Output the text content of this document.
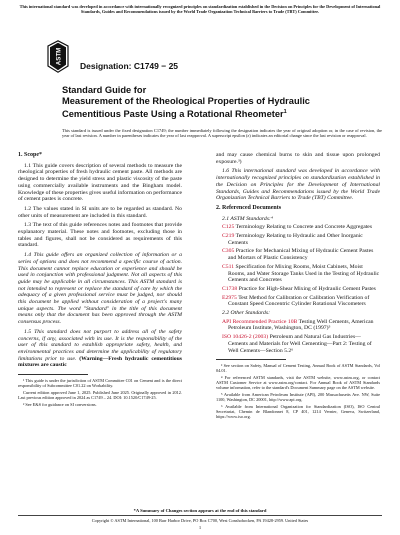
This international standard was developed in accordance with internationally recognized principles on standardization established in the Decision on Principles for the Development of International Standards, Guides and Recommendations issued by the World Trade Organization Technical Barriers to Trade (TBT) Committee.
ASTM
Designation: C1749 − 25
Standard Guide for
Measurement of the Rheological Properties of Hydraulic
Cementitious Paste Using a Rotational Rheometer$^1$
This standard is issued under the fixed designation C1749; the number immediately following the designation indicates the year of original adoption or, in the case of revision, the year of last revision. A number in parentheses indicates the year of last reapproval. A superscript epsilon (ε) indicates an editorial change since the last revision or reapproval.
1. Scope*

1.1 This guide covers description of several methods to measure the rheological properties of fresh hydraulic cement paste. All methods are designed to determine the yield stress and plastic viscosity of the paste using commercially available instruments and the Bingham model. Knowledge of these properties gives useful information on performance of cement pastes is concrete.

1.2 The values stated in SI units are to be regarded as standard. No other units of measurement are included in this standard.

1.3 The text of this guide references notes and footnotes that provide explanatory material. These notes and footnotes, excluding those in tables and figures, shall not be considered as requirements of this standard.

1.4 This guide offers an organized collection of information or a series of options and does not recommend a specific course of action. This document cannot replace education or experience and should be used in conjunction with professional judgment. Not all aspects of this guide may be applicable in all circumstances. This ASTM standard is not intended to represent or replace the standard of care by which the adequacy of a given professional service must be judged, nor should this document be applied without consideration of a project's many unique aspects. The word "Standard" in the title of this document means only that the document has been approved through the ASTM consensus process.

1.5 This standard does not purport to address all of the safety concerns, if any, associated with its use. It is the responsibility of the user of this standard to establish appropriate safety, health, and environmental practices and determine the applicability of regulatory limitations prior to use. (Warning—Fresh hydraulic cementitious mixtures are caustic

¹ This guide is under the jurisdiction of ASTM Committee C01 on Cement and is the direct responsibility of Subcommittee C01.22 on Workability.
Current edition approved June 1, 2025. Published June 2025. Originally approved in 2012. Last previous edition approved in 2024 as C1749 – 24. DOI: 10.1520/C1749-25.
² See E&S for guidance on SI conversions.

and may cause chemical burns to skin and tissue upon prolonged exposure.³)

1.6 This international standard was developed in accordance with internationally recognized principles on standardization established in the Decision on Principles for the Development of International Standards, Guides and Recommendations issued by the World Trade Organization Technical Barriers to Trade (TBT) Committee.

2. Referenced Documents
2.1 ASTM Standards:⁴
C125 Terminology Relating to Concrete and Concrete Aggregates
C219 Terminology Relating to Hydraulic and Other Inorganic Cements
C305 Practice for Mechanical Mixing of Hydraulic Cement Pastes and Mortars of Plastic Consistency
C511 Specification for Mixing Rooms, Moist Cabinets, Moist Rooms, and Water Storage Tanks Used in the Testing of Hydraulic Cements and Concretes
C1738 Practice for High-Shear Mixing of Hydraulic Cement Pastes
E2975 Test Method for Calibration or Calibration Verification of Constant Speed Concentric Cylinder Rotational Viscometers
2.2 Other Standards:
API Recommended Practice 10B Testing Well Cements, American Petroleum Institute, Washington, DC (1997)⁵
ISO 10426-2 (2003) Petroleum and Natural Gas Industries—Cements and Materials for Well Cementing—Part 2: Testing of Well Cements—Section 5.2⁶
³ See section on Safety, Manual of Cement Testing, Annual Book of ASTM Standards, Vol 04.01.
⁴ For referenced ASTM standards, visit the ASTM website, www.astm.org, or contact ASTM Customer Service at www.astm.org/contact. For Annual Book of ASTM Standards volume information, refer to the standard's Document Summary page on the ASTM website.
⁵ Available from American Petroleum Institute (API), 200 Massachusetts Ave. NW, Suite 1100, Washington, DC 20001, http://www.api.org.
⁶ Available from International Organization for Standardization (ISO), ISO Central Secretariat, Chemin de Blandonnet 8, CP 401, 1214 Vernier, Geneva, Switzerland, https://www.iso.org.
*A Summary of Changes section appears at the end of this standard
Copyright © ASTM International, 100 Barr Harbor Drive, PO Box C700, West Conshohocken, PA 19428-2959. United States
1
